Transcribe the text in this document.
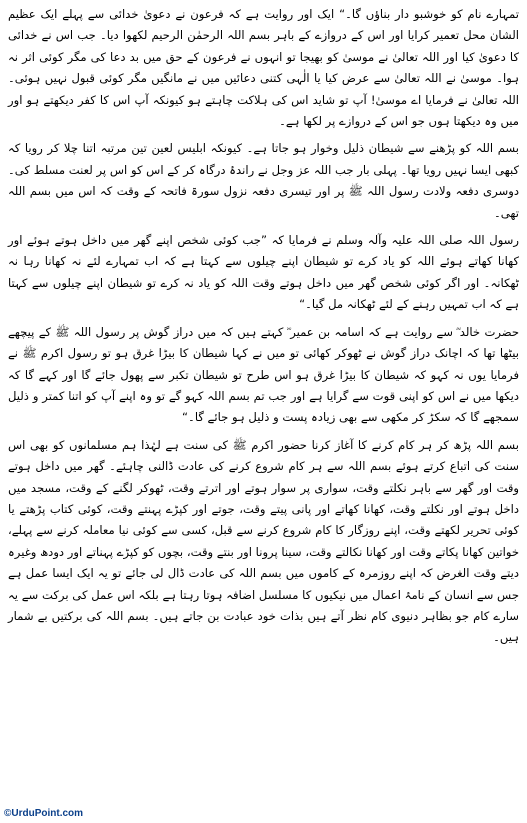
تمہارے نام کو خوشبو دار بناؤں گا۔“ ایک اور روایت ہے کہ فرعون نے دعویٰ خدائی سے پہلے ایک عظیم الشان محل تعمیر کرایا اور اس کے دروازے کے باہر بسم اللہ الرحمٰن الرحیم لکھوا دیا۔ جب اس نے خدائی کا دعویٰ کیا اور اللہ تعالیٰ نے موسیٰ کو بھیجا تو انہوں نے فرعون کے حق میں بد دعا کی مگر کوئی اثر نہ ہوا۔ موسیٰ نے اللہ تعالیٰ سے عرض کیا یا الٰہی کتنی دعائیں میں نے مانگیں مگر کوئی قبول نہیں ہوئی۔ اللہ تعالیٰ نے فرمایا اے موسیٰ! آپ تو شاید اس کی ہلاکت چاہتے ہو کیونکہ آپ اس کا کفر دیکھتے ہو اور میں وہ دیکھتا ہوں جو اس کے دروازے پر لکھا ہے۔

بسم اللہ کو پڑھنے سے شیطان ذلیل وخوار ہو جاتا ہے۔ کیونکہ ابلیس لعین تین مرتبہ اتنا چلا کر رویا کہ کبھی ایسا نہیں رویا تھا۔ پہلی بار جب اللہ عز وجل نے راندۂ درگاہ کر کے اس کو اس پر لعنت مسلط کی۔ دوسری دفعہ ولادت رسول اللہ ﷺ پر اور تیسری دفعہ نزول سورۃ فاتحہ کے وقت کہ اس میں بسم اللہ تھی۔

رسول اللہ صلی اللہ علیہ وآلہ وسلم نے فرمایا کہ ”جب کوئی شخص اپنے گھر میں داخل ہوتے ہوئے اور کھانا کھاتے ہوئے اللہ کو یاد کرے تو شیطان اپنے چیلوں سے کہتا ہے کہ اب تمہارے لئے نہ کھانا رہا نہ ٹھکانہ۔ اور اگر کوئی شخص گھر میں داخل ہوتے وقت اللہ کو یاد نہ کرے تو شیطان اپنے چیلوں سے کہتا ہے کہ اب تمہیں رہنے کے لئے ٹھکانہ مل گیا۔“

حضرت خالد ؓ سے روایت ہے کہ اسامہ بن عمیر ؓ کہتے ہیں کہ میں دراز گوش پر رسول اللہ ﷺ کے پیچھے بیٹھا تھا کہ اچانک دراز گوش نے ٹھوکر کھائی تو میں نے کہا شیطان کا بیڑا غرق ہو تو رسول اکرم ﷺ نے فرمایا یوں نہ کہو کہ شیطان کا بیڑا غرق ہو اس طرح تو شیطان تکبر سے پھول جائے گا اور کہے گا کہ دیکھا میں نے اس کو اپنی قوت سے گرایا ہے اور جب تم بسم اللہ کہو گے تو وہ اپنے آپ کو اتنا کمتر و ذلیل سمجھے گا کہ سکڑ کر مکھی سے بھی زیادہ پست و ذلیل ہو جائے گا۔“

بسم اللہ پڑھ کر ہر کام کرنے کا آغاز کرنا حضور اکرم ﷺ کی سنت ہے لہٰذا ہم مسلمانوں کو بھی اس سنت کی اتباع کرتے ہوئے بسم اللہ سے ہر کام شروع کرنے کی عادت ڈالنی چاہئے۔ گھر میں داخل ہوتے وقت اور گھر سے باہر نکلتے وقت، سواری پر سوار ہوتے اور اترتے وقت، ٹھوکر لگنے کے وقت، مسجد میں داخل ہوتے اور نکلتے وقت، کھانا کھاتے اور پانی پیتے وقت، جوتے اور کپڑے پہنتے وقت، کوئی کتاب پڑھتے یا کوئی تحریر لکھتے وقت، اپنے روزگار کا کام شروع کرنے سے قبل، کسی سے کوئی نیا معاملہ کرنے سے پہلے، خواتین کھانا پکاتے وقت اور کھانا نکالتے وقت، سینا پرونا اور بنتے وقت، بچوں کو کپڑے پہناتے اور دودھ وغیرہ دیتے وقت الغرض کہ اپنے روزمرہ کے کاموں میں بسم اللہ کی عادت ڈال لی جائے تو یہ ایک ایسا عمل ہے جس سے انسان کے نامۂ اعمال میں نیکیوں کا مسلسل اضافہ ہوتا رہتا ہے بلکہ اس عمل کی برکت سے یہ سارے کام جو بظاہر دنیوی کام نظر آتے ہیں بذات خود عبادت بن جاتے ہیں۔ بسم اللہ کی برکتیں بے شمار ہیں۔

©UrduPoint.com
